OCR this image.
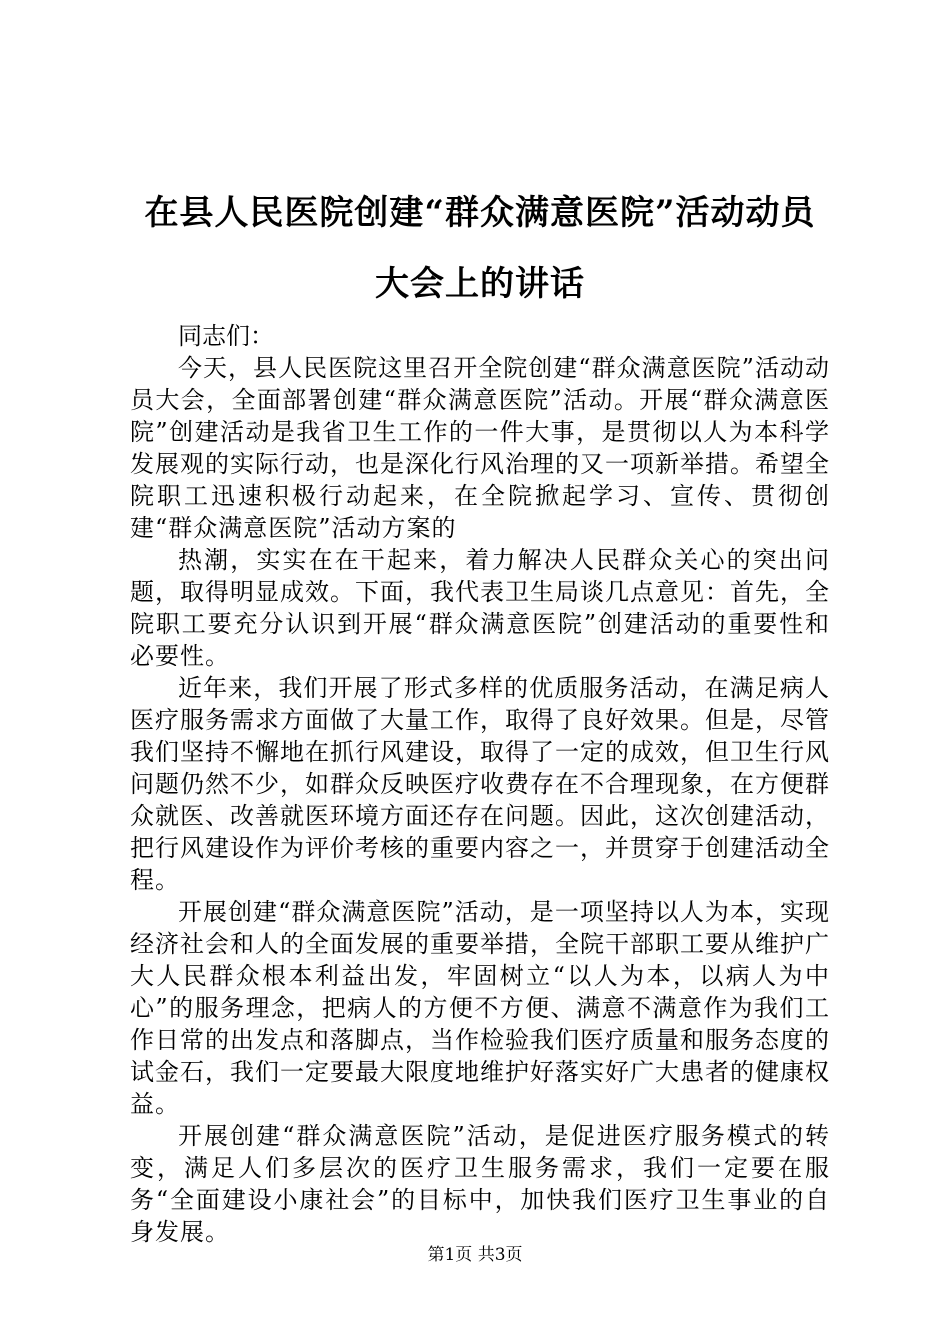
在县人民医院创建“群众满意医院”活动动员
大会上的讲话

同志们：

今天，县人民医院这里召开全院创建“群众满意医院”活动动员大会，全面部署创建“群众满意医院”活动。开展“群众满意医院”创建活动是我省卫生工作的一件大事，是贯彻以人为本科学发展观的实际行动，也是深化行风治理的又一项新举措。希望全院职工迅速积极行动起来，在全院掀起学习、宣传、贯彻创建“群众满意医院”活动方案的

热潮，实实在在干起来，着力解决人民群众关心的突出问题，取得明显成效。下面，我代表卫生局谈几点意见：首先，全院职工要充分认识到开展“群众满意医院”创建活动的重要性和必要性。

近年来，我们开展了形式多样的优质服务活动，在满足病人医疗服务需求方面做了大量工作，取得了良好效果。但是，尽管我们坚持不懈地在抓行风建设，取得了一定的成效，但卫生行风问题仍然不少，如群众反映医疗收费存在不合理现象，在方便群众就医、改善就医环境方面还存在问题。因此，这次创建活动，把行风建设作为评价考核的重要内容之一，并贯穿于创建活动全程。

开展创建“群众满意医院”活动，是一项坚持以人为本，实现经济社会和人的全面发展的重要举措，全院干部职工要从维护广大人民群众根本利益出发，牢固树立“以人为本，以病人为中心”的服务理念，把病人的方便不方便、满意不满意作为我们工作日常的出发点和落脚点，当作检验我们医疗质量和服务态度的试金石，我们一定要最大限度地维护好落实好广大患者的健康权益。

开展创建“群众满意医院”活动，是促进医疗服务模式的转变，满足人们多层次的医疗卫生服务需求，我们一定要在服务“全面建设小康社会”的目标中，加快我们医疗卫生事业的自身发展。

第1页 共3页
